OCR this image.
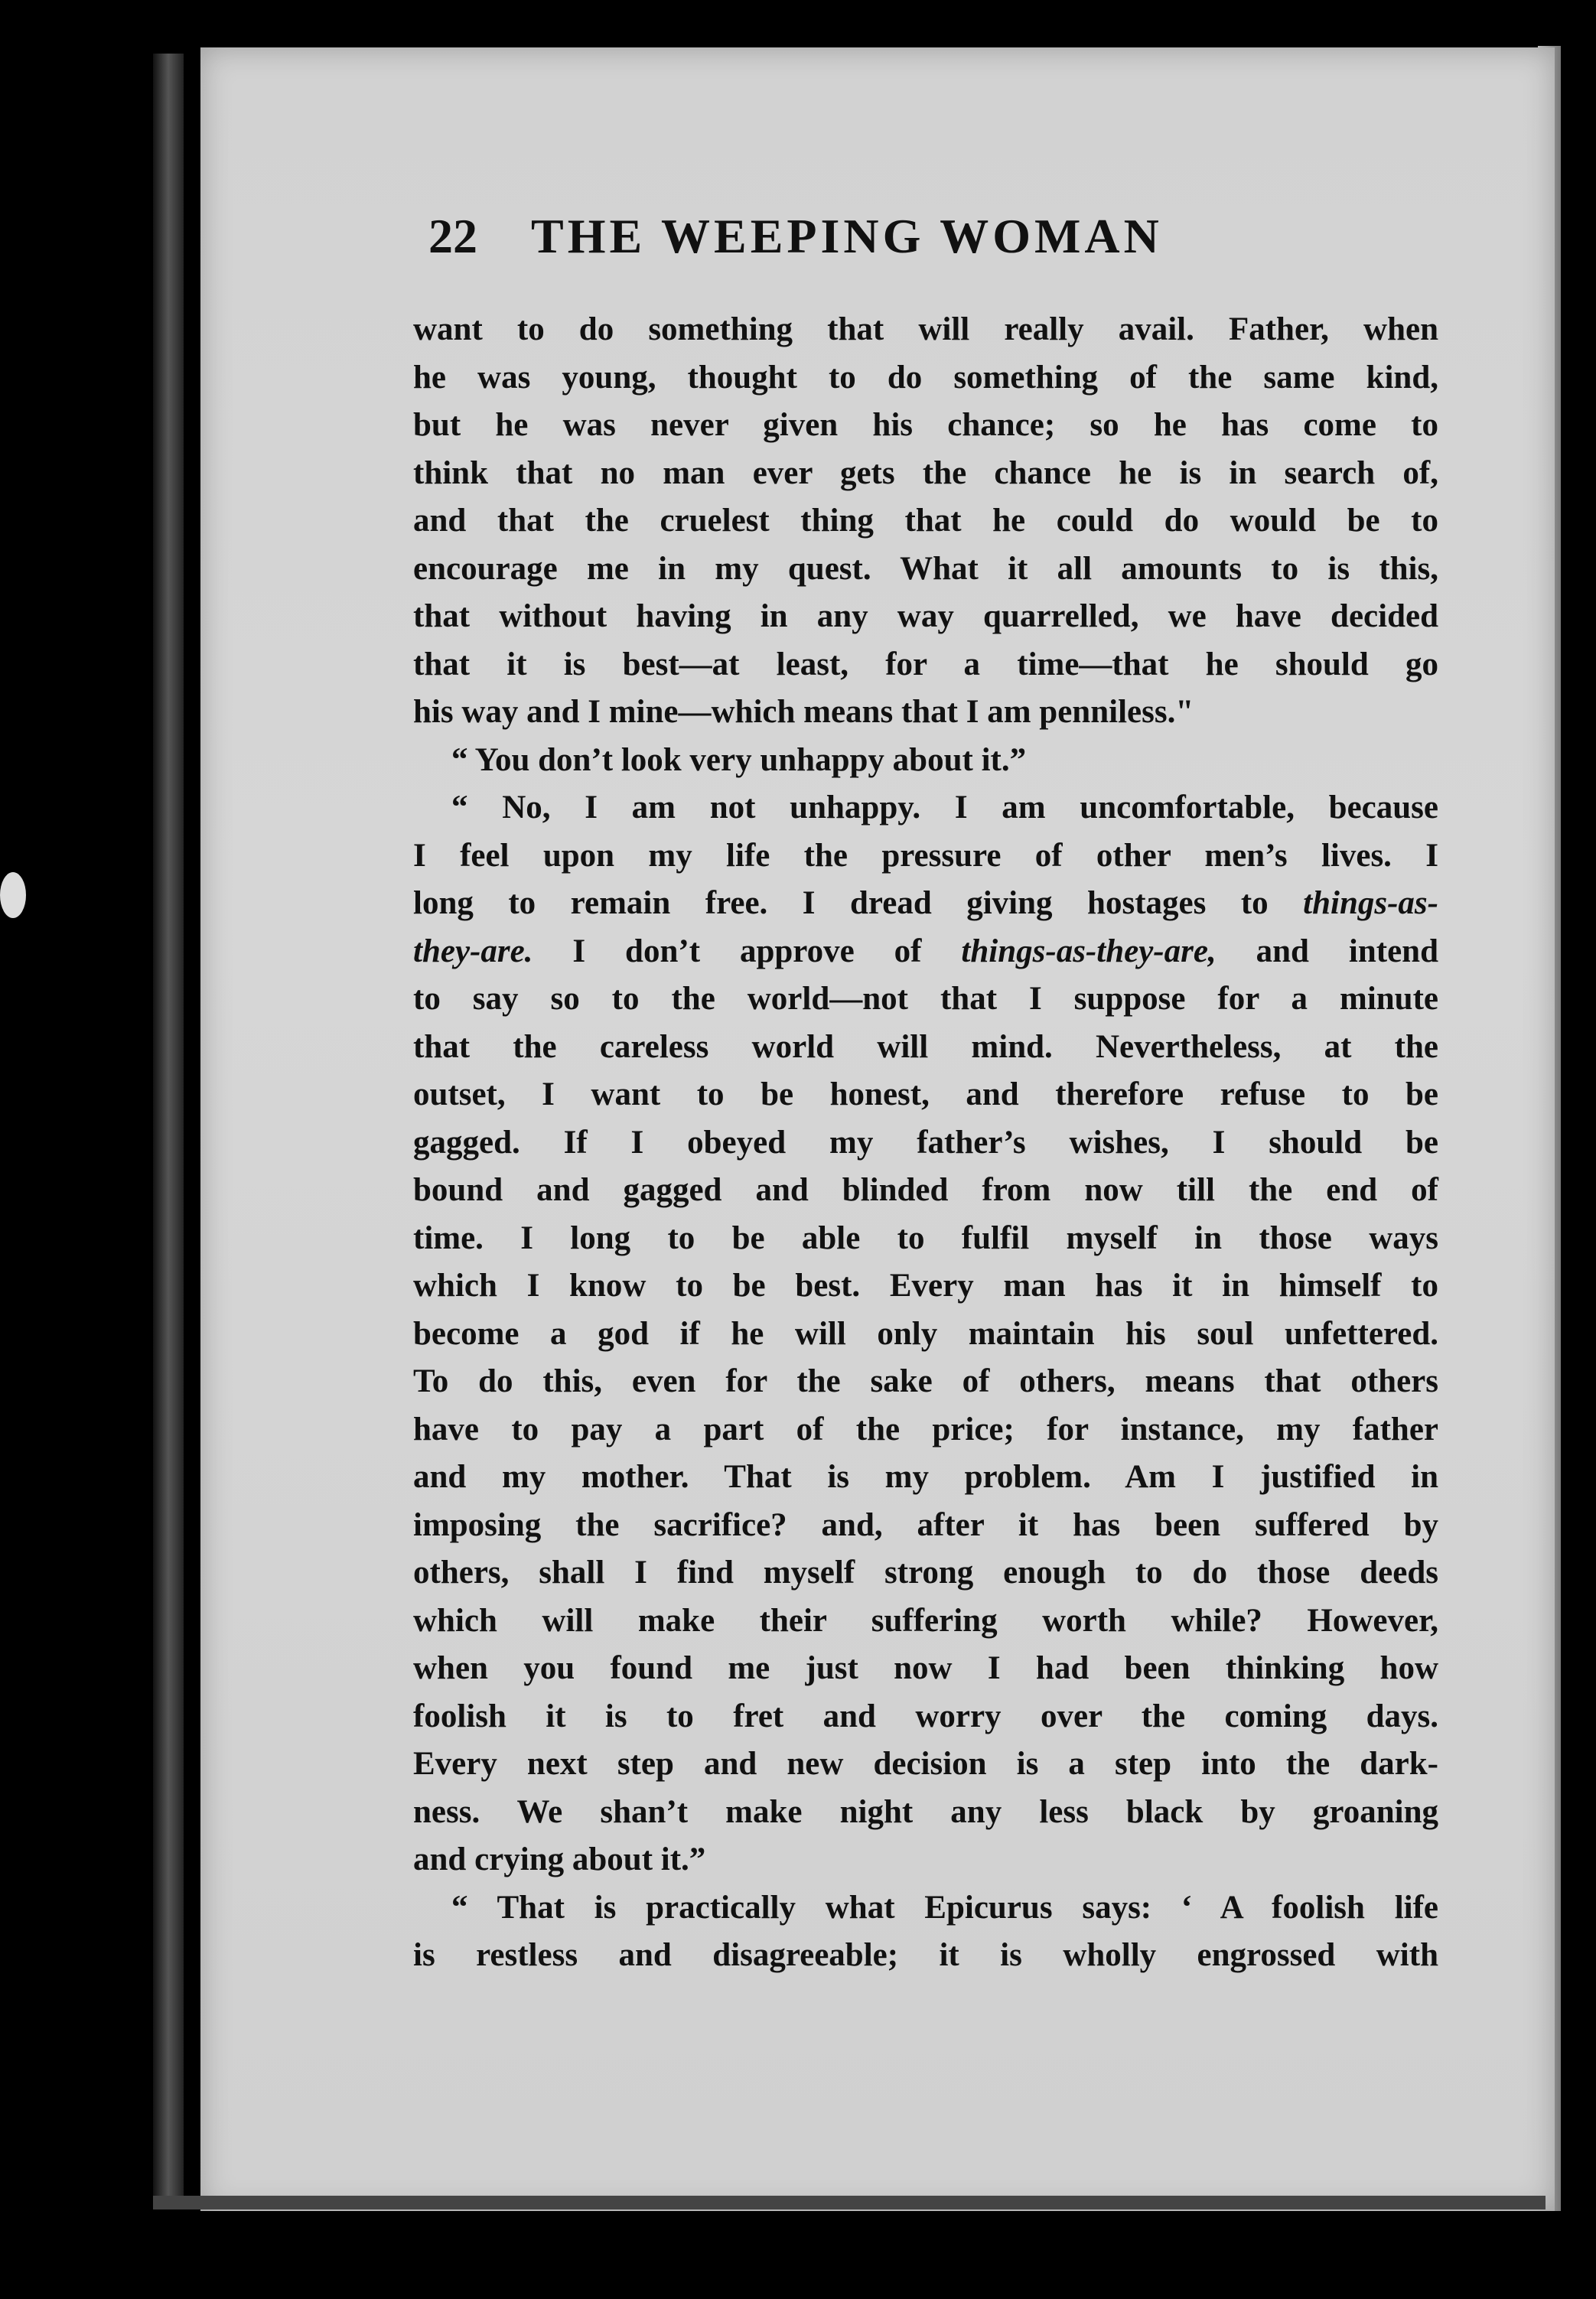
22 THE WEEPING WOMAN

want to do something that will really avail. Father, when

he was young, thought to do something of the same kind,

but he was never given his chance; so he has come to

think that no man ever gets the chance he is in search of,

and that the cruelest thing that he could do would be to

encourage me in my quest. What it all amounts to is this,

that without having in any way quarrelled, we have decided

that it is best—at least, for a time—that he should go

his way and I mine—which means that I am penniless."

“ You don’t look very unhappy about it.”

“ No, I am not unhappy. I am uncomfortable, because

I feel upon my life the pressure of other men’s lives. I

long to remain free. I dread giving hostages to things-as-

they-are. I don’t approve of things-as-they-are, and intend

to say so to the world—not that I suppose for a minute

that the careless world will mind. Nevertheless, at the

outset, I want to be honest, and therefore refuse to be

gagged. If I obeyed my father’s wishes, I should be

bound and gagged and blinded from now till the end of

time. I long to be able to fulfil myself in those ways

which I know to be best. Every man has it in himself to

become a god if he will only maintain his soul unfettered.

To do this, even for the sake of others, means that others

have to pay a part of the price; for instance, my father

and my mother. That is my problem. Am I justified in

imposing the sacrifice? and, after it has been suffered by

others, shall I find myself strong enough to do those deeds

which will make their suffering worth while? However,

when you found me just now I had been thinking how

foolish it is to fret and worry over the coming days.

Every next step and new decision is a step into the dark-

ness. We shan’t make night any less black by groaning

and crying about it.”

“ That is practically what Epicurus says: ‘ A foolish life

is restless and disagreeable; it is wholly engrossed with
